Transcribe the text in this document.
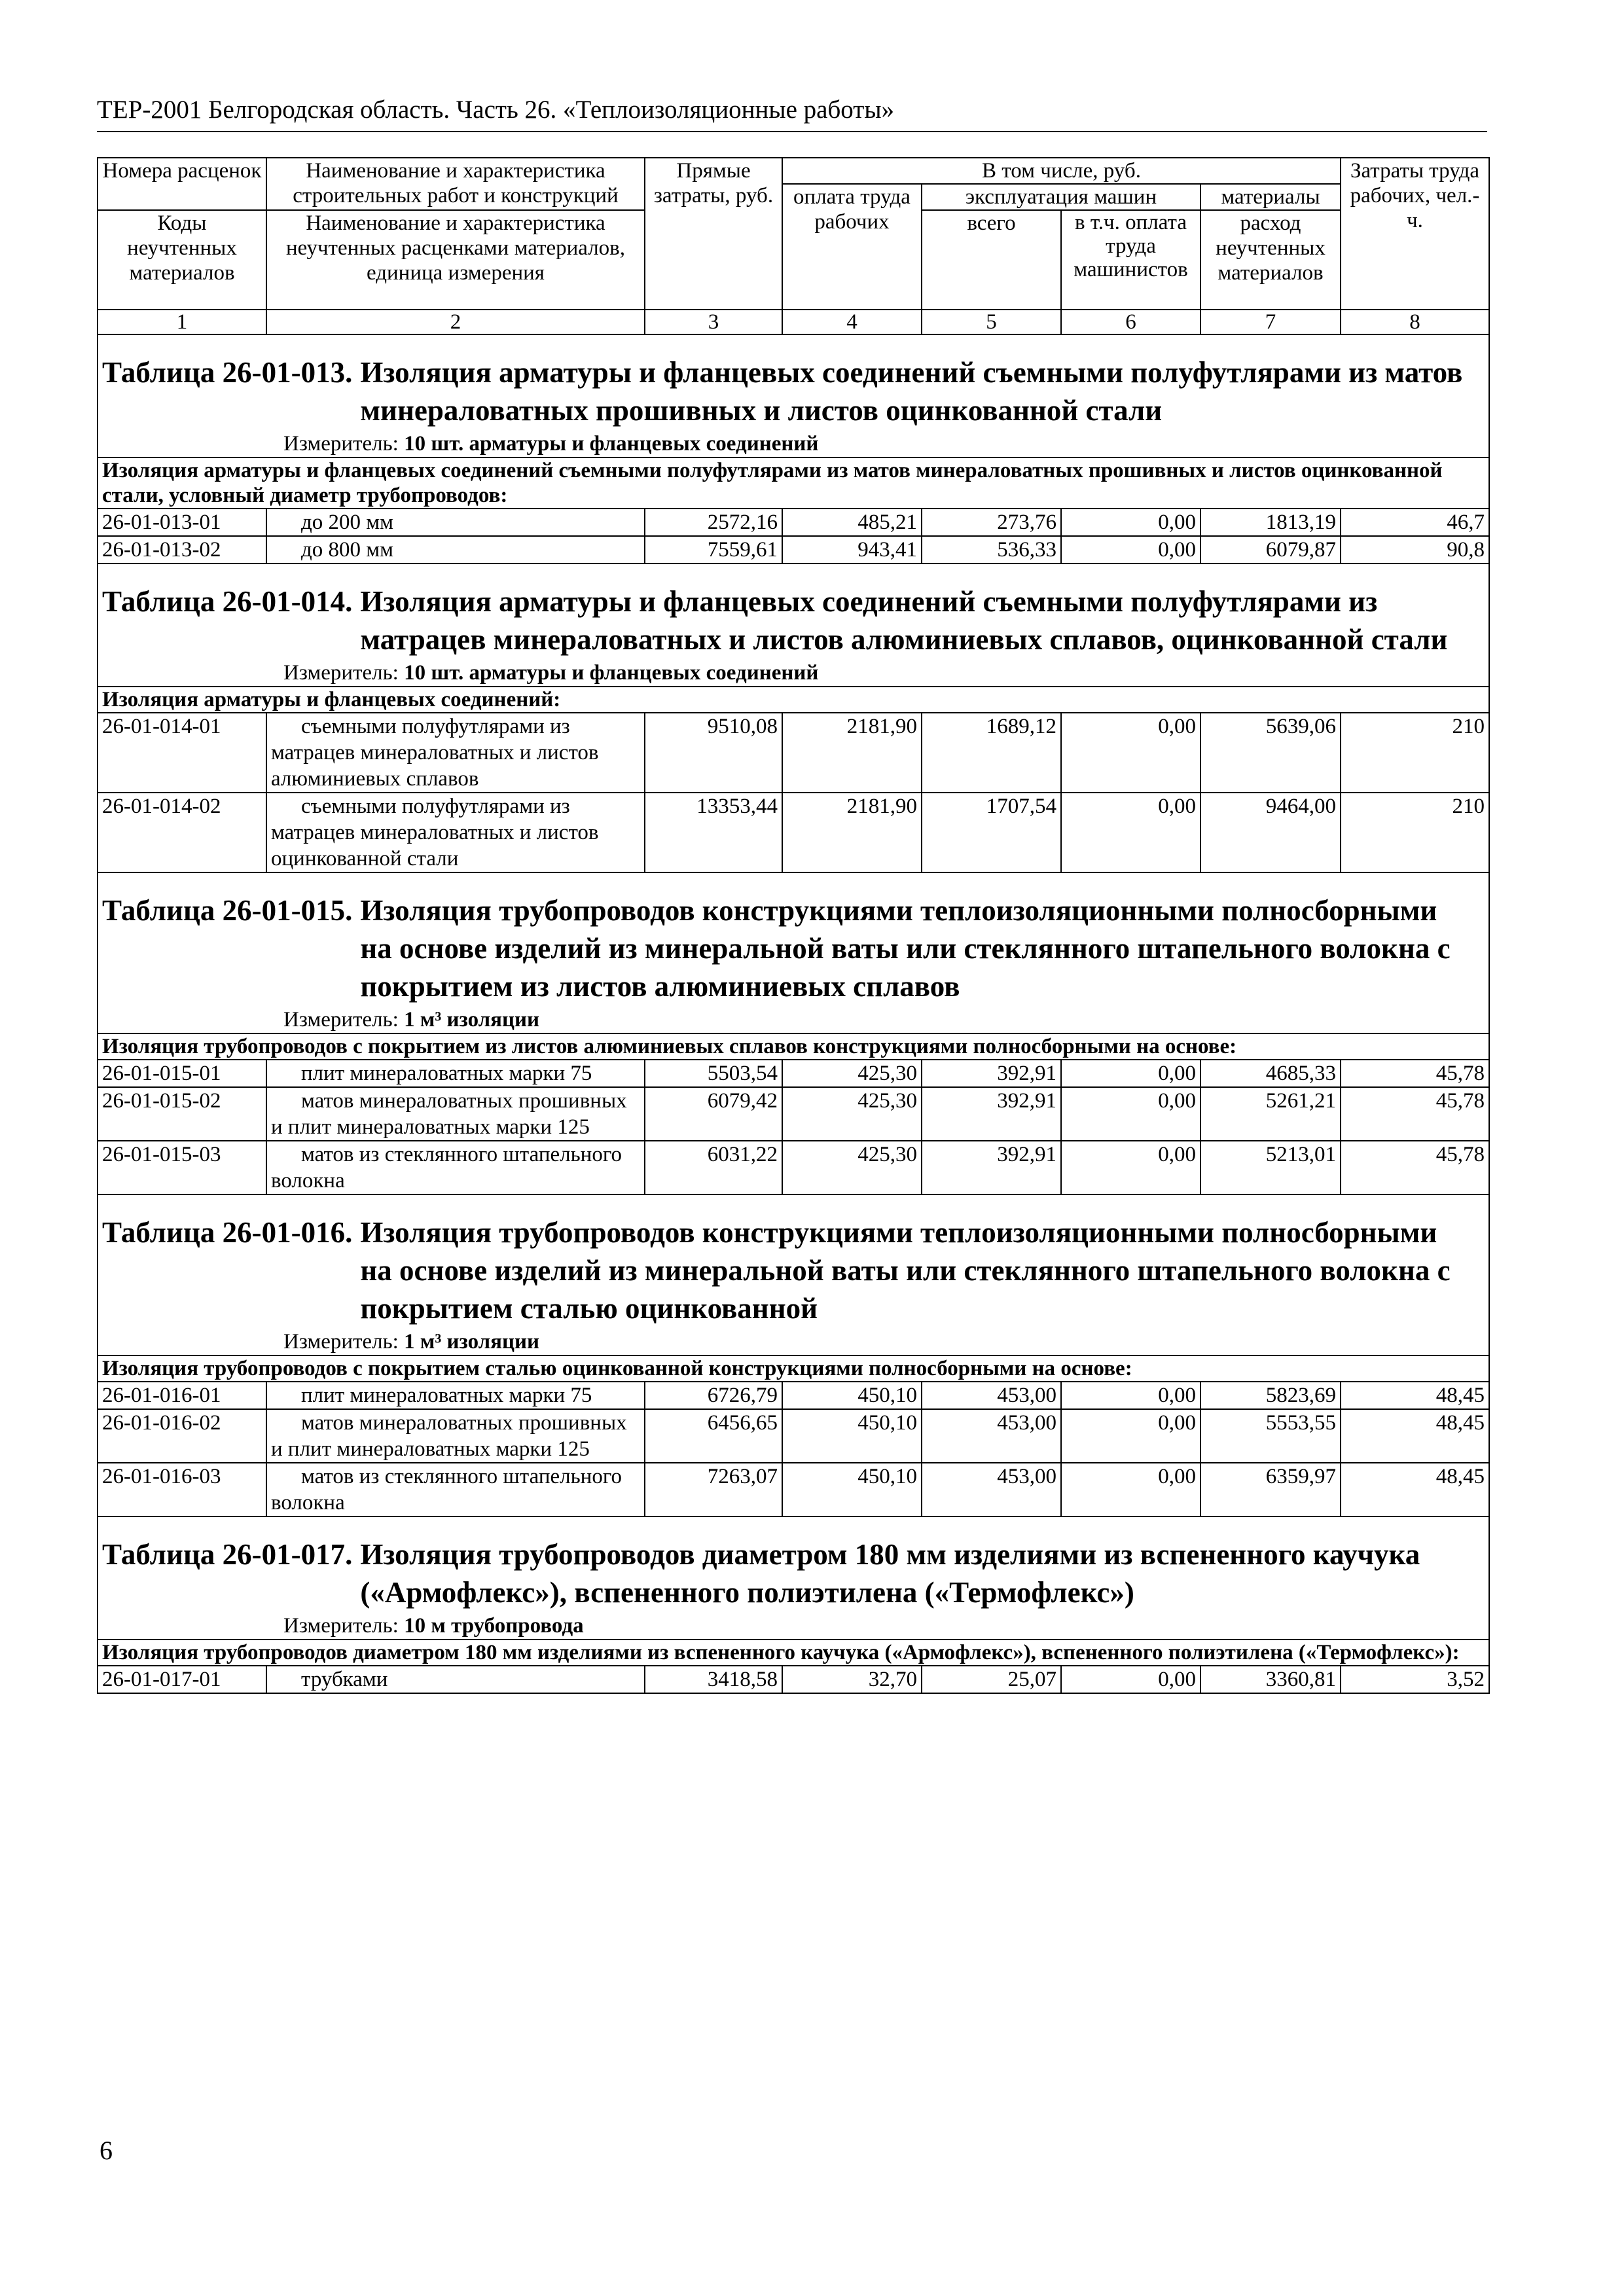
ТЕР-2001 Белгородская область. Часть 26. «Теплоизоляционные работы»
Номера расценок	Наименование и характеристика строительных работ и конструкций	Прямые затраты, руб.	В том числе, руб.				Затраты труда рабочих, чел.-ч.
			оплата труда рабочих	эксплуатация машин		материалы	
Коды неучтенных материалов	Наименование и характеристика неучтенных расценками материалов, единица измерения			всего	в т.ч. оплата труда машинистов	расход неучтенных материалов	

1	2	3	4	5	6	7	8

Таблица 26-01-013. Изоляция арматуры и фланцевых соединений съемными полуфутлярами из матов минераловатных прошивных и листов оцинкованной стали
Измеритель: 10 шт. арматуры и фланцевых соединений							

Изоляция арматуры и фланцевых соединений съемными полуфутлярами из матов минераловатных прошивных и листов оцинкованной стали, условный диаметр трубопроводов:							
26-01-013-01	до 200 мм	2572,16	485,21	273,76	0,00	1813,19	46,7
26-01-013-02	до 800 мм	7559,61	943,41	536,33	0,00	6079,87	90,8

Таблица 26-01-014. Изоляция арматуры и фланцевых соединений съемными полуфутлярами из матрацев минераловатных и листов алюминиевых сплавов, оцинкованной стали
Измеритель: 10 шт. арматуры и фланцевых соединений							

Изоляция арматуры и фланцевых соединений:							
26-01-014-01	съемными полуфутлярами из матрацев минераловатных и листов алюминиевых сплавов	9510,08	2181,90	1689,12	0,00	5639,06	210
26-01-014-02	съемными полуфутлярами из матрацев минераловатных и листов оцинкованной стали	13353,44	2181,90	1707,54	0,00	9464,00	210

Таблица 26-01-015. Изоляция трубопроводов конструкциями теплоизоляционными полносборными на основе изделий из минеральной ваты или стеклянного штапельного волокна с покрытием из листов алюминиевых сплавов
Измеритель: 1 м³ изоляции							

Изоляция трубопроводов с покрытием из листов алюминиевых сплавов конструкциями полносборными на основе:							
26-01-015-01	плит минераловатных марки 75	5503,54	425,30	392,91	0,00	4685,33	45,78
26-01-015-02	матов минераловатных прошивных и плит минераловатных марки 125	6079,42	425,30	392,91	0,00	5261,21	45,78
26-01-015-03	матов из стеклянного штапельного волокна	6031,22	425,30	392,91	0,00	5213,01	45,78

Таблица 26-01-016. Изоляция трубопроводов конструкциями теплоизоляционными полносборными на основе изделий из минеральной ваты или стеклянного штапельного волокна с покрытием сталью оцинкованной
Измеритель: 1 м³ изоляции							

Изоляция трубопроводов с покрытием сталью оцинкованной конструкциями полносборными на основе:							
26-01-016-01	плит минераловатных марки 75	6726,79	450,10	453,00	0,00	5823,69	48,45
26-01-016-02	матов минераловатных прошивных и плит минераловатных марки 125	6456,65	450,10	453,00	0,00	5553,55	48,45
26-01-016-03	матов из стеклянного штапельного волокна	7263,07	450,10	453,00	0,00	6359,97	48,45

Таблица 26-01-017. Изоляция трубопроводов диаметром 180 мм изделиями из вспененного каучука («Армофлекс»), вспененного полиэтилена («Термофлекс»)
Измеритель: 10 м трубопровода							

Изоляция трубопроводов диаметром 180 мм изделиями из вспененного каучука («Армофлекс»), вспененного полиэтилена («Термофлекс»):							
26-01-017-01	трубками	3418,58	32,70	25,07	0,00	3360,81	3,52
6
